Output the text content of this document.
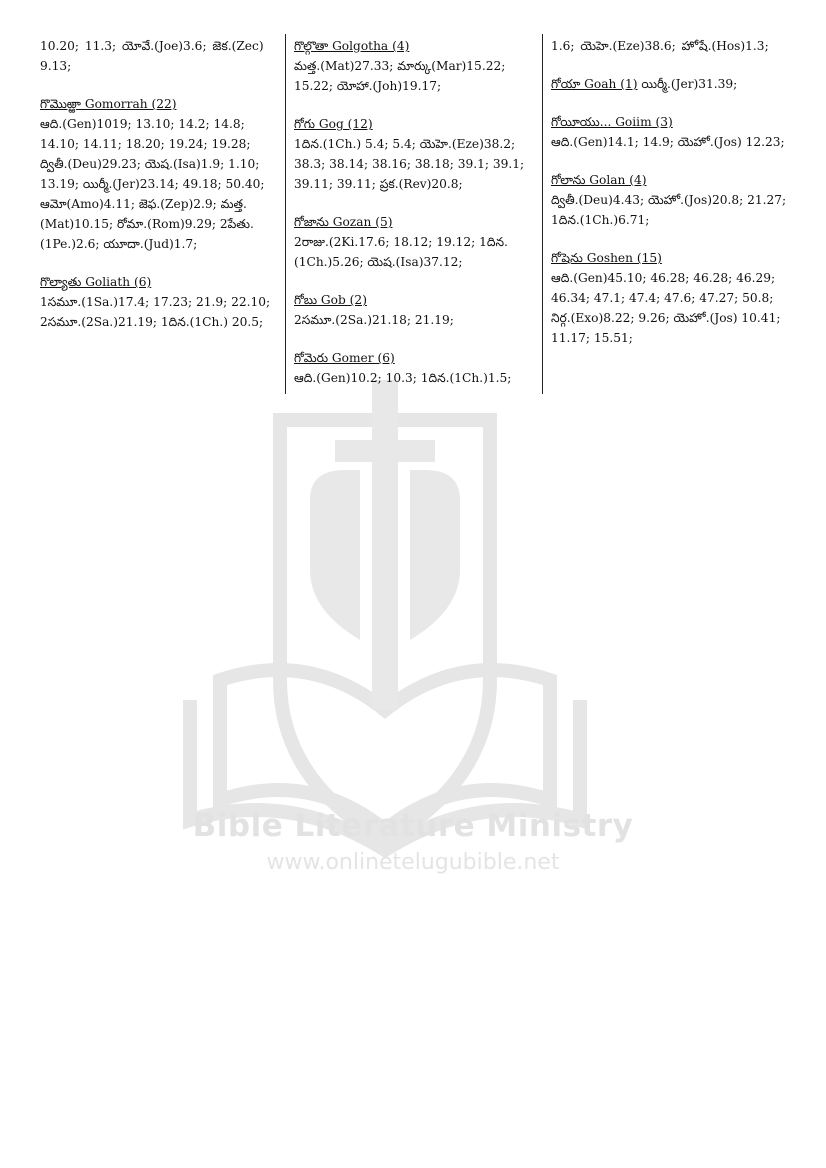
Bible Literature Ministry
www.onlinetelugubible.net
10.20; 11.3; యోవే.(Joe)3.6; జెక.(Zec) 9.13;
గొమొఱ్ఱా Gomorrah (22)
ఆది.(Gen)1019; 13.10; 14.2; 14.8; 14.10; 14.11; 18.20; 19.24; 19.28; ద్వితీ.(Deu)29.23; యెష.(Isa)1.9; 1.10; 13.19; యిర్మీ.(Jer)23.14; 49.18; 50.40; ఆమో(Amo)4.11; జెఫ.(Zep)2.9; మత్త.(Mat)10.15; రోమా.(Rom)9.29; 2పేతు.(1Pe.)2.6; యూదా.(Jud)1.7;
గొల్యాతు Goliath (6)
1సమూ.(1Sa.)17.4; 17.23; 21.9; 22.10; 2సమూ.(2Sa.)21.19; 1దిన.(1Ch.) 20.5;
గొల్గొతా Golgotha (4)
మత్త.(Mat)27.33; మార్కు(Mar)15.22; 15.22; యోహా.(Joh)19.17;
గోగు Gog (12)
1దిన.(1Ch.) 5.4; 5.4; యెహె.(Eze)38.2; 38.3; 38.14; 38.16; 38.18; 39.1; 39.1; 39.11; 39.11; ప్రక.(Rev)20.8;
గోజాను Gozan (5)
2రాజు.(2Ki.17.6; 18.12; 19.12; 1దిన.(1Ch.)5.26; యెష.(Isa)37.12;
గోబు Gob (2)
2సమూ.(2Sa.)21.18; 21.19;
గోమెరు Gomer (6)
ఆది.(Gen)10.2; 10.3; 1దిన.(1Ch.)1.5;
1.6; యెహె.(Eze)38.6; హోషే.(Hos)1.3;
గోయా Goah (1) యిర్మీ.(Jer)31.39;
గోయీయు... Goiim (3)
ఆది.(Gen)14.1; 14.9; యెహో.(Jos) 12.23;
గోలాను Golan (4)
ద్వితీ.(Deu)4.43; యెహో.(Jos)20.8; 21.27; 1దిన.(1Ch.)6.71;
గోషెను Goshen (15)
ఆది.(Gen)45.10; 46.28; 46.28; 46.29; 46.34; 47.1; 47.4; 47.6; 47.27; 50.8; నిర్గ.(Exo)8.22; 9.26; యెహో.(Jos) 10.41; 11.17; 15.51;
